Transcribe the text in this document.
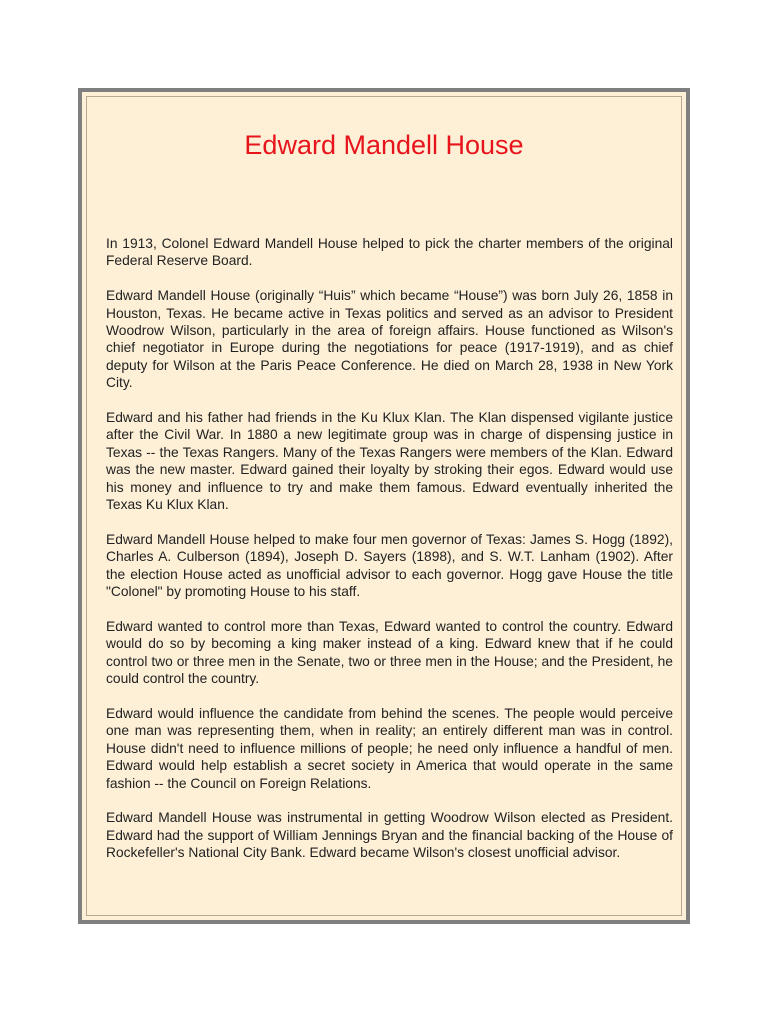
Edward Mandell House

In 1913, Colonel Edward Mandell House helped to pick the charter members of the original Federal Reserve Board.

Edward Mandell House (originally “Huis” which became “House”) was born July 26, 1858 in Houston, Texas. He became active in Texas politics and served as an advisor to President Woodrow Wilson, particularly in the area of foreign affairs. House functioned as Wilson's chief negotiator in Europe during the negotiations for peace (1917-1919), and as chief deputy for Wilson at the Paris Peace Conference. He died on March 28, 1938 in New York City.

Edward and his father had friends in the Ku Klux Klan. The Klan dispensed vigilante justice after the Civil War. In 1880 a new legitimate group was in charge of dispensing justice in Texas -- the Texas Rangers. Many of the Texas Rangers were members of the Klan. Edward was the new master. Edward gained their loyalty by stroking their egos. Edward would use his money and influence to try and make them famous. Edward eventually inherited the Texas Ku Klux Klan.

Edward Mandell House helped to make four men governor of Texas: James S. Hogg (1892), Charles A. Culberson (1894), Joseph D. Sayers (1898), and S. W.T. Lanham (1902). After the election House acted as unofficial advisor to each governor. Hogg gave House the title "Colonel" by promoting House to his staff.

Edward wanted to control more than Texas, Edward wanted to control the country. Edward would do so by becoming a king maker instead of a king. Edward knew that if he could control two or three men in the Senate, two or three men in the House; and the President, he could control the country.

Edward would influence the candidate from behind the scenes. The people would perceive one man was representing them, when in reality; an entirely different man was in control. House didn't need to influence millions of people; he need only influence a handful of men. Edward would help establish a secret society in America that would operate in the same fashion -- the Council on Foreign Relations.

Edward Mandell House was instrumental in getting Woodrow Wilson elected as President. Edward had the support of William Jennings Bryan and the financial backing of the House of Rockefeller's National City Bank. Edward became Wilson's closest unofficial advisor.
